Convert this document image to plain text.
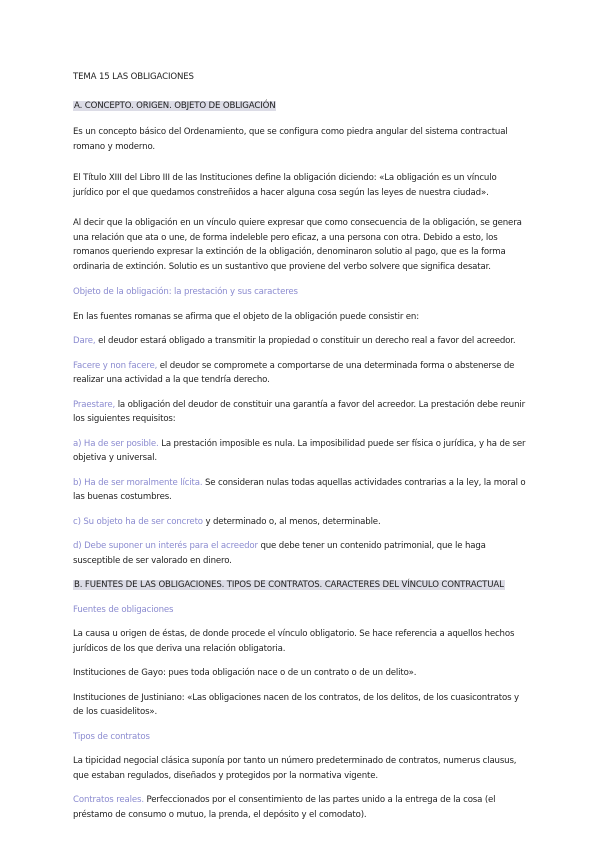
TEMA 15 LAS OBLIGACIONES

A. CONCEPTO. ORIGEN. OBJETO DE OBLIGACIÓN

Es un concepto básico del Ordenamiento, que se configura como piedra angular del sistema contractual romano y moderno.

El Título XIII del Libro III de las Instituciones define la obligación diciendo: «La obligación es un vínculo jurídico por el que quedamos constreñidos a hacer alguna cosa según las leyes de nuestra ciudad».

Al decir que la obligación en un vínculo quiere expresar que como consecuencia de la obligación, se genera una relación que ata o une, de forma indeleble pero eficaz, a una persona con otra. Debido a esto, los romanos queriendo expresar la extinción de la obligación, denominaron solutio al pago, que es la forma ordinaria de extinción. Solutio es un sustantivo que proviene del verbo solvere que significa desatar.

Objeto de la obligación: la prestación y sus caracteres

En las fuentes romanas se afirma que el objeto de la obligación puede consistir en:

Dare, el deudor estará obligado a transmitir la propiedad o constituir un derecho real a favor del acreedor.

Facere y non facere, el deudor se compromete a comportarse de una determinada forma o abstenerse de realizar una actividad a la que tendría derecho.

Praestare, la obligación del deudor de constituir una garantía a favor del acreedor. La prestación debe reunir los siguientes requisitos:

a) Ha de ser posible. La prestación imposible es nula. La imposibilidad puede ser física o jurídica, y ha de ser objetiva y universal.

b) Ha de ser moralmente lícita. Se consideran nulas todas aquellas actividades contrarias a la ley, la moral o las buenas costumbres.

c) Su objeto ha de ser concreto y determinado o, al menos, determinable.

d) Debe suponer un interés para el acreedor que debe tener un contenido patrimonial, que le haga susceptible de ser valorado en dinero.

B. FUENTES DE LAS OBLIGACIONES. TIPOS DE CONTRATOS. CARACTERES DEL VÍNCULO CONTRACTUAL

Fuentes de obligaciones

La causa u origen de éstas, de donde procede el vínculo obligatorio. Se hace referencia a aquellos hechos jurídicos de los que deriva una relación obligatoria.

Instituciones de Gayo: pues toda obligación nace o de un contrato o de un delito».

Instituciones de Justiniano: «Las obligaciones nacen de los contratos, de los delitos, de los cuasicontratos y de los cuasidelitos».

Tipos de contratos

La tipicidad negocial clásica suponía por tanto un número predeterminado de contratos, numerus clausus, que estaban regulados, diseñados y protegidos por la normativa vigente.

Contratos reales. Perfeccionados por el consentimiento de las partes unido a la entrega de la cosa (el préstamo de consumo o mutuo, la prenda, el depósito y el comodato).
